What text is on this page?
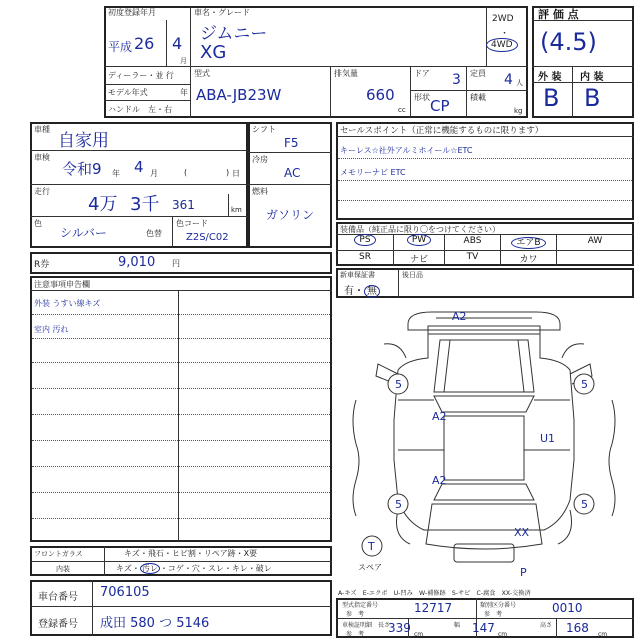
初度登録年月
平成 26 4
月
車名・グレード
ジムニー
XG
ディーラー・並 行
モデル年式	年
ハンドル　左・右
型式
ABA-JB23W
排気量
660
cc
ドア 3 定員 4 人
形状 CP	積載
kg
2WD
・
4WD
評 価 点
(4.5)
外 装 内 装
B B
車種
自家用
車検
令和9 年 4 月	(	) 日
走行
4万 3千 361	km
色
シルバー	色替
色コード
Z2S/C02
シフト
F5
冷房
AC
燃料
ガソリン
セールスポイント（正常に機能するものに限ります）
キーレス☆社外アルミホイール☆ETC
メモリーナビ ETC
装備品（純正品に限り〇をつけてください）
PS	PW	ABS	エアB	AW
SR	ナビ	TV	カワ
新車保証書
有・ 無
後日品
R券	9,010 円
注意事項申告欄
外装 うすい線キズ
室内 汚れ
フロントガラス	キズ・飛石・ヒビ割・リペア跡・X要
内装	キズ・ 汚レ ・コゲ・穴・スレ・キレ・破レ
車台番号 706105
登録番号 成田 580 つ 5146
A2
A2
A2
U1
XX
5	5
5	5
T
P
スペア
A-キズ　E-エクボ　U-凹み　W-補修跡　S-サビ　C-腐食　XX-交換済
型式指定番号
参　考	12717	類別区分番号
参　考	0010
車検証明細
参　考
長さ
339 cm
幅 147 cm
高さ 168 cm
